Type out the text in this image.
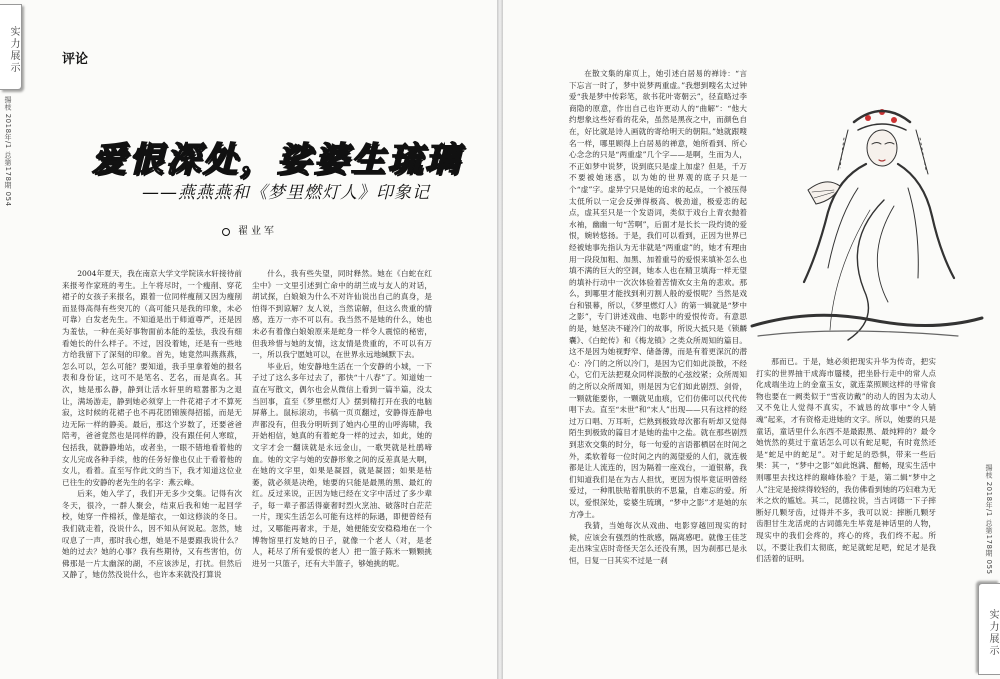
实力展示
揚枝 2018年/1 总第178期 054
评论
爱恨深处，娑婆生琉璃
——燕燕燕和《梦里燃灯人》印象记
翟业军

2004年夏天，我在南京大学文学院读水轩接待前来报考作家班的考生。上午将尽时，一个瘦削、穿花裙子的女孩子来报名，跟着一位同样瘦削又因为瘦削而显得高得有些突兀的（高可能只是我的印象，未必可靠）白发老先生。不知道是出于师道尊严，还是因为羞怯，一种在美好事物面前本能的羞怯，我没有细看她长的什么样子。不过，因没着她，还是有一些地方给我留下了深刻的印象。首先，她竟然叫燕燕燕，怎么可以，怎么可能？要知道，我手里拿着她的报名表和身份证，这可不是笔名、艺名，而是真名。其次，她是那么静，静到让活水轩里的喧嚣都为之退让，满场游走，静到她必须穿上一件花裙子才不算死寂，这时候的花裙子也不再花团锦簇得招摇，而是无边无际一样的静美。最后，那这个岁数了，还要爸爸陪考，爸爸竟然也是同样的静，没有跟任何人寒暄，包括我，就静静地站，或者坐，一眼不错地看着他的女儿完成各种手续，他的任务好像也仅止于看着他的女儿，看着。直至写作此文的当下，我才知道这位业已往生的安静的老先生的名字：燕云峰。

后来，她入学了，我们开无多少交集。记得有次冬天，很冷，一群人聚会，结束后我和她一起回学校，她穿一件棉袄，像是缩衣，一如这修淡的冬日。我们就走着，没说什么，因不知从何说起。忽然，她叹息了一声，那时我心想，她是不是要跟我说什么？她的过去？她的心事？我有些期待，又有些害怕，仿佛那是一片太幽深的湖，不应该涉足，打扰。但然后又静了，她仿然没说什么，也许本来就没打算说

什么，我有些失望，同时释然。她在《白蛇在红尘中》一文里引述到亡命中的胡兰成与友人的对话，胡试探，白娘娘为什么不对许仙说出自己的真身，是怕得不到谅解？友人说，当然谅解，但这么贵重的情感，连万一亦不可以有。我当然不是她的什么，她也未必有着像白娘娘原来是蛇身一样令人震惊的秘密，但我珍惜与她的友情，这友情是贵重的，不可以有万一，所以我宁愿她可以，在世界永远地缄默下去。

毕业后，她安静地生活在一个安静的小城，一下子过了这么多年过去了，都快“十八春”了。知道她一直在写散文，偶尔也会从微信上看到一篇半篇，没太当回事，直至《梦里燃灯人》摆到精打开在我的电脑屏幕上。鼠标滚动，书稿一页页翻过，安静得连静电声都没有，但我分明听到了她内心里的山呼海啸，我开始相信，她真的有着蛇身一样的过去，如此，她的文字才会一翻读就是永远金山，一歌哭就是杜鹃啼血。她的文字与她的安静形象之间的反差真是大啊，在她的文字里，如果是凝固，就是凝固；如果是枯萎，就必须是决绝，她要的只能是最黑的黑、最红的红。反过来说，正因为她已经在文字中活过了多少辈子，每一辈子都活得豪奢时烈火烹油、破落时白茫茫一片，现实生活怎么可能有这样的际遇，即便曾经有过，又哪能再奢求，于是，她便能安安稳稳地在一个博物馆里打发她的日子，就像一个老人（对，是老人，耗尽了所有爱恨的老人）把一篮子陈米一颗颗挑进另一只篮子，还有大半篮子，够她挑的呢。

在散文集的扉页上，她引述白居易的禅诗：“言下忘言一时了，梦中说梦两重虚。”我想到嗖名太过钟爱“我是梦中传彩笔，欲书花叶寄朝云”，径直略过李商隐的原意，作出自己也许更动人的“曲解”：“他大约想象这些好看的花朵，虽然是黑夜之中，而颜色自在，好比就是诗人画就的寄给明天的朝阳。”她就跟嗖名一样，哪里顾得上白居易的禅意，她所看到、所心心念念的只是“两重虚”几个字——是啊，生而为人，不正如梦中说梦，说到底只是虚上加虚？但是，千万不要被她迷惑，以为她的世界观的底子只是一个“虚”字。虚异宁只是她的追求的起点，一个被压得太低所以一定会反弹得极高、极劲道，极爱恋的起点，虚其至只是一个发语词，类似于戏台上青衣抛着水袖，幽幽一句“苦啊”，后面才是长长一段灼烫的爱恨，婉转悠扬。于是，我们可以看到，正因为世界已经被她事先指认为无非就是“两重虚”的，她才有理由用一段段加粗、加黑、加着重号的爱恨来填补怎么也填不满的巨大的空洞，她本人也在精卫填海一样无望的填补行动中一次次体验着苦情欢女主角的悲欢。那么，到哪里才能找到利刃割人般的爱恨呢？当然是戏台和银幕，所以，《梦里燃灯人》的第一辑就是“梦中之影”，专门讲述戏曲、电影中的爱恨传奇。有意思的是，她坚决不碰冷门的故事，所说大抵只是《锁麟囊》、《白蛇传》和《梅龙镇》之类众所周知的篇目。这不是因为她视野窄、储备薄，而是有着更深沉的潜心：冷门的之所以冷门，是因为它们如此淡散，不经心，它们无法把观众同样淡散的心弦绞紧；众所周知的之所以众所周知，则是因为它们如此剧烈、剑骨，一颗就能要你，一颗就见血痕，它们仿佛可以代代传唱下去。直至“未世”和“末人”出现——只有这样的经过万口唱、万耳听，烂熟到极致母次都有听却又觉得陌生到极致的篇目才是她的盐中之盐。就在那些剧烈到悲欢交集的时分，每一句爱的言语都栖居在时间之外，柔软着每一位时间之内的渴望爱的人们，就连极都是让人流连的，因为隔着一座戏台，一道银幕，我们知道我们是在为古人担忧，更因为恨毕竟证明曾经爱过，一种肌肤贴着肌肤的不思量，自难忘的爱。所以，爱恨深处，娑婆生琉璃，“梦中之影”才是她的东方净土。

我猜，当她每次从戏曲、电影穿越回现实的时候，应该会有强烈的性欲感，隔离感吧。就像王佳芝走出珠宝店时奇怪天怎么还没有黑，因为刹那已是永恒，日复一日其实不过是一刹

那而已。于是，她必须把现实升华为传奇，把实打实的世界抽干成海市蜃楼，把坐卧行走中的常人点化成端坐边上的金童玉女，就连菜照顾这样的寻常食物也要在一阙类似于“雪夜访戴”的动人的因为太动人又不免让人觉得不真实，不诚恳的故事中“令人销魂”起来，才有资格走进她的文字。所以，她要的只是童话，童话里什么东西不是最跟黑、最纯粹的？最令她恍然的莫过于童话怎么可以有蛇足呢，有时竟然还是“蛇足中的蛇足”。对于蛇足的恐惧，带来一些后果：其一，“梦中之影”如此饱满、酣畅，现实生活中则哪里去找这样的巅峰体验？于是，第二辑“梦中之人”注定是接续得较轻的，我仿佛看到她的巧妇难为无米之炊的尴尬。其二，昆德拉说，当古词德一下子摔断好几颗牙齿，过得并不多，我可以说：摔断几颗牙齿胆甘生龙活虎的古词德先生毕竟是神话里的人物，现实中的我们会疼的，疼心的疼，我们终不起。所以，不要让我们太彻底，蛇足就蛇足吧，蛇足才是我们活着的证明。	揚枝 2018年/1 总第178期 055
实力展示
